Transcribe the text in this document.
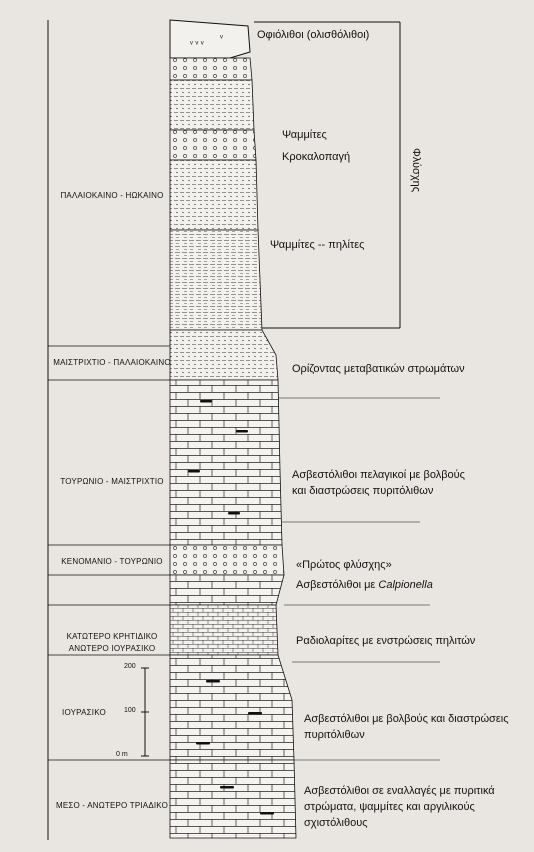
ᵥ ᵥ ᵥ
ᵥ
ΠΑΛΑΙΟΚΑΙΝΟ - ΗΩΚΑΙΝΟ
ΜΑΙΣΤΡΙΧΤΙΟ - ΠΑΛΑΙΟΚΑΙΝΟ
ΤΟΥΡΩΝΙΟ - ΜΑΙΣΤΡΙΧΤΙΟ
ΚΕΝΟΜΑΝΙΟ - ΤΟΥΡΩΝΙΟ
ΚΑΤΩΤΕΡΟ ΚΡΗΤΙΔΙΚΟ
ΑΝΩΤΕΡΟ ΙΟΥΡΑΣΙΚΟ
ΙΟΥΡΑΣΙΚΟ
ΜΕΣΟ - ΑΝΩΤΕΡΟ ΤΡΙΑΔΙΚΟ
200
100
0 m
Οφιόλιθοι (ολισθόλιθοι)
Ψαμμίτες
Κροκαλοπαγή
Ψαμμίτες -- πηλίτες
Ορίζοντας μεταβατικών στρωμάτων
Ασβεστόλιθοι πελαγικοί με βολβούς
και διαστρώσεις πυριτόλιθων
«Πρώτος φλύσχης»
Ασβεστόλιθοι με Calpionella
Ραδιολαρίτες με ενστρώσεις πηλιτών
Ασβεστόλιθοι με βολβούς και διαστρώσεις
πυριτόλιθων
Ασβεστόλιθοι σε εναλλαγές με πυριτικά
στρώματα, ψαμμίτες και αργιλικούς
σχιστόλιθους
Φλύσχης
